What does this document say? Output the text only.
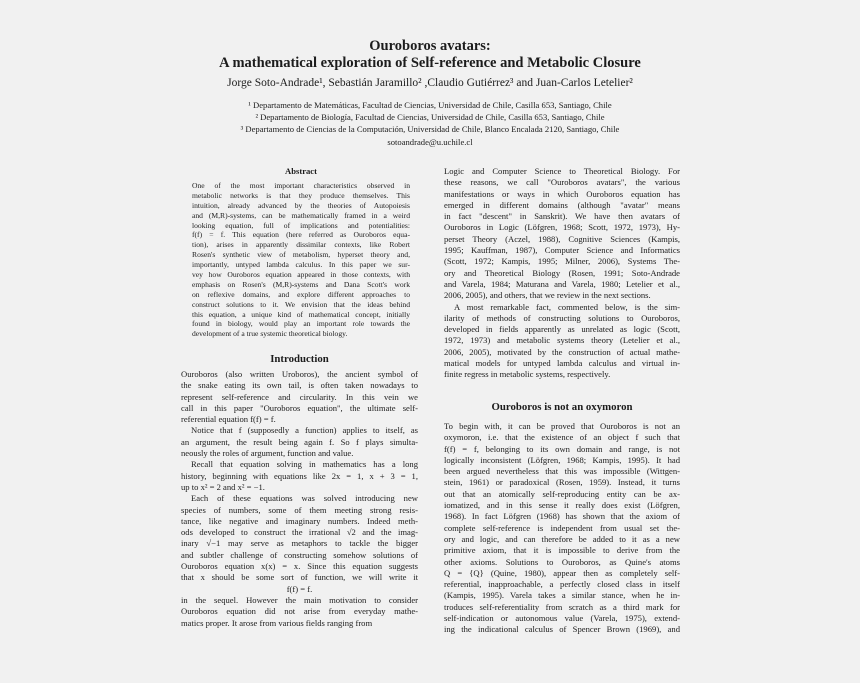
Ouroboros avatars:
A mathematical exploration of Self-reference and Metabolic Closure
Jorge Soto-Andrade¹, Sebastián Jaramillo² ,Claudio Gutiérrez³ and Juan-Carlos Letelier²
¹ Departamento de Matemáticas, Facultad de Ciencias, Universidad de Chile, Casilla 653, Santiago, Chile
² Departamento de Biología, Facultad de Ciencias, Universidad de Chile, Casilla 653, Santiago, Chile
³ Departamento de Ciencias de la Computación, Universidad de Chile, Blanco Encalada 2120, Santiago, Chile
sotoandrade@u.uchile.cl
Abstract
One of the most important characteristics observed in
metabolic networks is that they produce themselves. This
intuition, already advanced by the theories of Autopoiesis
and (M,R)-systems, can be mathematically framed in a weird
looking equation, full of implications and potentialities:
f(f) = f. This equation (here referred as Ouroboros equa-
tion), arises in apparently dissimilar contexts, like Robert
Rosen's synthetic view of metabolism, hyperset theory and,
importantly, untyped lambda calculus. In this paper we sur-
vey how Ouroboros equation appeared in those contexts, with
emphasis on Rosen's (M,R)-systems and Dana Scott's work
on reflexive domains, and explore different approaches to
construct solutions to it. We envision that the ideas behind
this equation, a unique kind of mathematical concept, initially
found in biology, would play an important role towards the
development of a true systemic theoretical biology.
Introduction
Ouroboros (also written Uroboros), the ancient symbol of
the snake eating its own tail, is often taken nowadays to
represent self-reference and circularity. In this vein we
call in this paper "Ouroboros equation", the ultimate self-
referential equation f(f) = f.
Notice that f (supposedly a function) applies to itself, as
an argument, the result being again f. So f plays simulta-
neously the roles of argument, function and value.
Recall that equation solving in mathematics has a long
history, beginning with equations like 2x = 1, x + 3 = 1,
up to x² = 2 and x² = −1.
Each of these equations was solved introducing new
species of numbers, some of them meeting strong resis-
tance, like negative and imaginary numbers. Indeed meth-
ods developed to construct the irrational √2 and the imag-
inary √−1 may serve as metaphors to tackle the bigger
and subtler challenge of constructing somehow solutions of
Ouroboros equation x(x) = x. Since this equation suggests
that x should be some sort of function, we will write it
f(f) = f.
in the sequel. However the main motivation to consider
Ouroboros equation did not arise from everyday mathe-
matics proper. It arose from various fields ranging from
Logic and Computer Science to Theoretical Biology. For
these reasons, we call "Ouroboros avatars", the various
manifestations or ways in which Ouroboros equation has
emerged in different domains (although "avatar" means
in fact "descent" in Sanskrit). We have then avatars of
Ouroboros in Logic (Löfgren, 1968; Scott, 1972, 1973), Hy-
perset Theory (Aczel, 1988), Cognitive Sciences (Kampis,
1995; Kauffman, 1987), Computer Science and Informatics
(Scott, 1972; Kampis, 1995; Milner, 2006), Systems The-
ory and Theoretical Biology (Rosen, 1991; Soto-Andrade
and Varela, 1984; Maturana and Varela, 1980; Letelier et al.,
2006, 2005), and others, that we review in the next sections.
A most remarkable fact, commented below, is the sim-
ilarity of methods of constructing solutions to Ouroboros,
developed in fields apparently as unrelated as logic (Scott,
1972, 1973) and metabolic systems theory (Letelier et al.,
2006, 2005), motivated by the construction of actual mathe-
matical models for untyped lambda calculus and virtual in-
finite regress in metabolic systems, respectively.
Ouroboros is not an oxymoron
To begin with, it can be proved that Ouroboros is not an
oxymoron, i.e. that the existence of an object f such that
f(f) = f, belonging to its own domain and range, is not
logically inconsistent (Löfgren, 1968; Kampis, 1995). It had
been argued nevertheless that this was impossible (Wittgen-
stein, 1961) or paradoxical (Rosen, 1959). Instead, it turns
out that an atomically self-reproducing entity can be ax-
iomatized, and in this sense it really does exist (Löfgren,
1968). In fact Löfgren (1968) has shown that the axiom of
complete self-reference is independent from usual set the-
ory and logic, and can therefore be added to it as a new
primitive axiom, that it is impossible to derive from the
other axioms. Solutions to Ouroboros, as Quine's atoms
Q = {Q} (Quine, 1980), appear then as completely self-
referential, inapproachable, a perfectly closed class in itself
(Kampis, 1995). Varela takes a similar stance, when he in-
troduces self-referentiality from scratch as a third mark for
self-indication or autonomous value (Varela, 1975), extend-
ing the indicational calculus of Spencer Brown (1969), and
